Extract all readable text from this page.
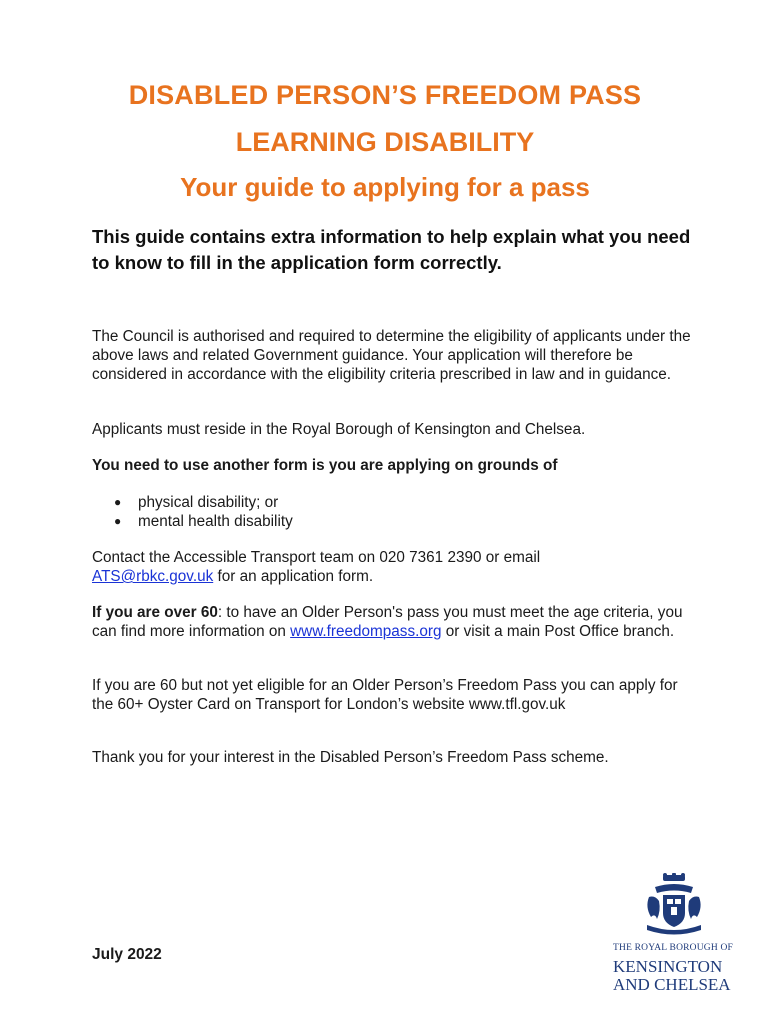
DISABLED PERSON’S FREEDOM PASS
LEARNING DISABILITY
Your guide to applying for a pass

This guide contains extra information to help explain what you need to know to fill in the application form correctly.

The Council is authorised and required to determine the eligibility of applicants under the above laws and related Government guidance. Your application will therefore be considered in accordance with the eligibility criteria prescribed in law and in guidance.

Applicants must reside in the Royal Borough of Kensington and Chelsea.

You need to use another form is you are applying on grounds of

● physical disability; or
● mental health disability

Contact the Accessible Transport team on 020 7361 2390 or email
ATS@rbkc.gov.uk for an application form.

If you are over 60: to have an Older Person's pass you must meet the age criteria, you can find more information on www.freedompass.org or visit a main Post Office branch.

If you are 60 but not yet eligible for an Older Person’s Freedom Pass you can apply for the 60+ Oyster Card on Transport for London’s website www.tfl.gov.uk

Thank you for your interest in the Disabled Person’s Freedom Pass scheme.

July 2022	THE ROYAL BOROUGH OF

KENSINGTON

AND CHELSEA
